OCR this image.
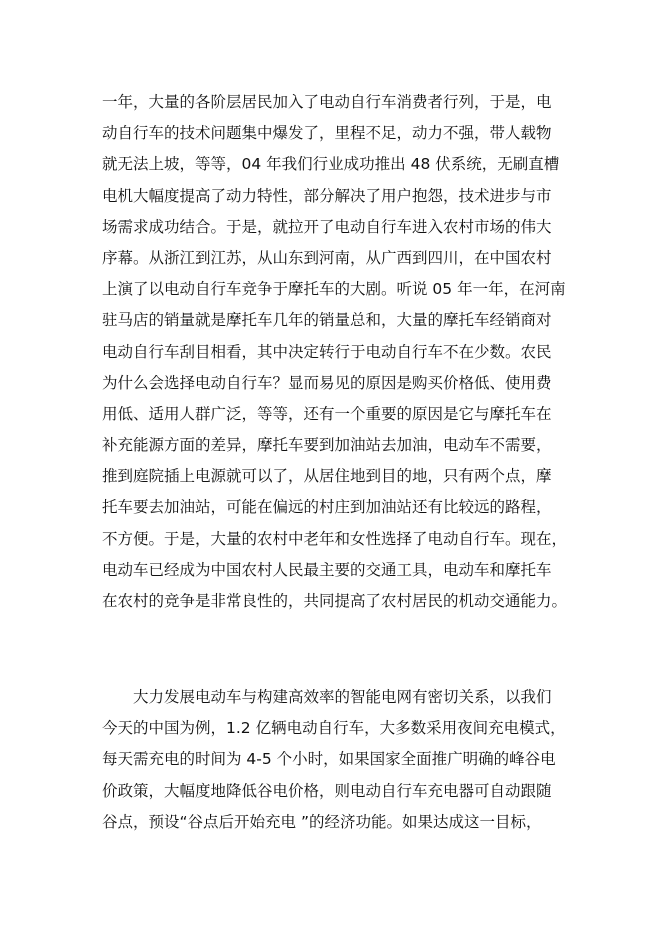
一年，大量的各阶层居民加入了电动自行车消费者行列，于是，电
动自行车的技术问题集中爆发了，里程不足，动力不强，带人载物
就无法上坡，等等，04 年我们行业成功推出 48 伏系统，无刷直槽
电机大幅度提高了动力特性，部分解决了用户抱怨，技术进步与市
场需求成功结合。于是，就拉开了电动自行车进入农村市场的伟大
序幕。从浙江到江苏，从山东到河南，从广西到四川，在中国农村
上演了以电动自行车竞争于摩托车的大剧。听说 05 年一年，在河南
驻马店的销量就是摩托车几年的销量总和，大量的摩托车经销商对
电动自行车刮目相看，其中决定转行于电动自行车不在少数。农民
为什么会选择电动自行车？显而易见的原因是购买价格低、使用费
用低、适用人群广泛，等等，还有一个重要的原因是它与摩托车在
补充能源方面的差异，摩托车要到加油站去加油，电动车不需要，
推到庭院插上电源就可以了，从居住地到目的地，只有两个点，摩
托车要去加油站，可能在偏远的村庄到加油站还有比较远的路程，
不方便。于是，大量的农村中老年和女性选择了电动自行车。现在，
电动车已经成为中国农村人民最主要的交通工具，电动车和摩托车
在农村的竞争是非常良性的，共同提高了农村居民的机动交通能力。
　　大力发展电动车与构建高效率的智能电网有密切关系，以我们
今天的中国为例，1.2 亿辆电动自行车，大多数采用夜间充电模式，
每天需充电的时间为 4-5 个小时，如果国家全面推广明确的峰谷电
价政策，大幅度地降低谷电价格，则电动自行车充电器可自动跟随
谷点，预设“谷点后开始充电 ”的经济功能。如果达成这一目标，
